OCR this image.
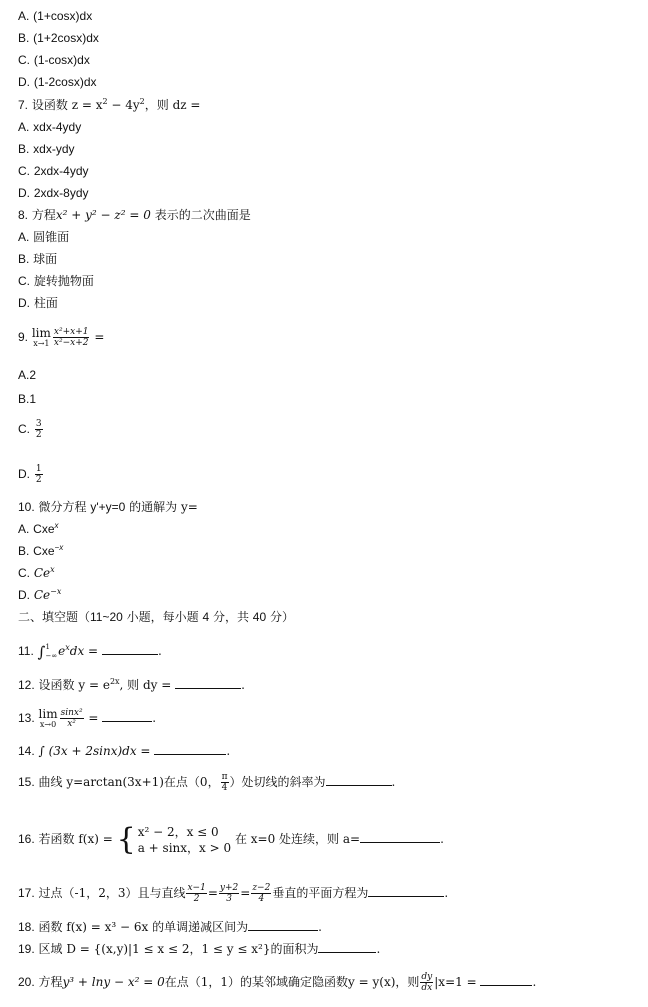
A. (1+cosx)dx
B. (1+2cosx)dx
C. (1-cosx)dx
D. (1-2cosx)dx
7. 设函数 $z = x^2 - 4y^2$，则 dz =
A. xdx-4ydy
B. xdx-ydy
C. 2xdx-4ydy
D. 2xdx-8ydy
8. 方程x² + y² − z² = 0 表示的二次曲面是
A. 圆锥面
B. 球面
C. 旋转抛物面
D. 柱面
9. lim
$x\to 1 \frac{\text{x²+x+1}}{\text{x²−x+2}}$ =
A.2
B.1
C. $\frac{3}{2}$
D. $\frac{1}{2}$
10. 微分方程 y'+y=0 的通解为 y=
A. Cxe$^x$
B. Cxe$^{-x}$
C. Ce$^x$
D. $Ce^{-x}$
二、填空题（11~20 小题，每小题 4 分，共 40 分）
11. ∫ 1
−∞ $e^xdx$ =	.
12. 设函数 $y = e^{2x}$, 则 dy =	.
13. lim
$x\to 0 \frac{\text{sinx²}}{\text{x²}}$ =	.
14. ∫ (3x + 2sinx)dx =	.
15. 曲线 y=arctan(3x+1)在点（0， $\frac{\pi}{4}$ ）处切线的斜率为	.
16. 若函数 f(x) = { x² − 2，x ≤ 0
a + sinx，x > 0
在 x=0 处连续，则 a=	.
17. 过点（-1，2，3）且与直线 $\frac{x-1}{2} = \frac{y+2}{3} = \frac{z-2}{4}$ 垂直的平面方程为	.
18. 函数 f(x) = x³ − 6x 的单调递减区间为	.
19. 区域 D = {(x,y)|1 ≤ x ≤ 2，1 ≤ y ≤ x²}的面积为	.
20. 方程y³ + lny − x² = 0在点（1，1）的某邻域确定隐函数y = y(x)，则 $\frac{dy}{dx} |x=1$ =	.
